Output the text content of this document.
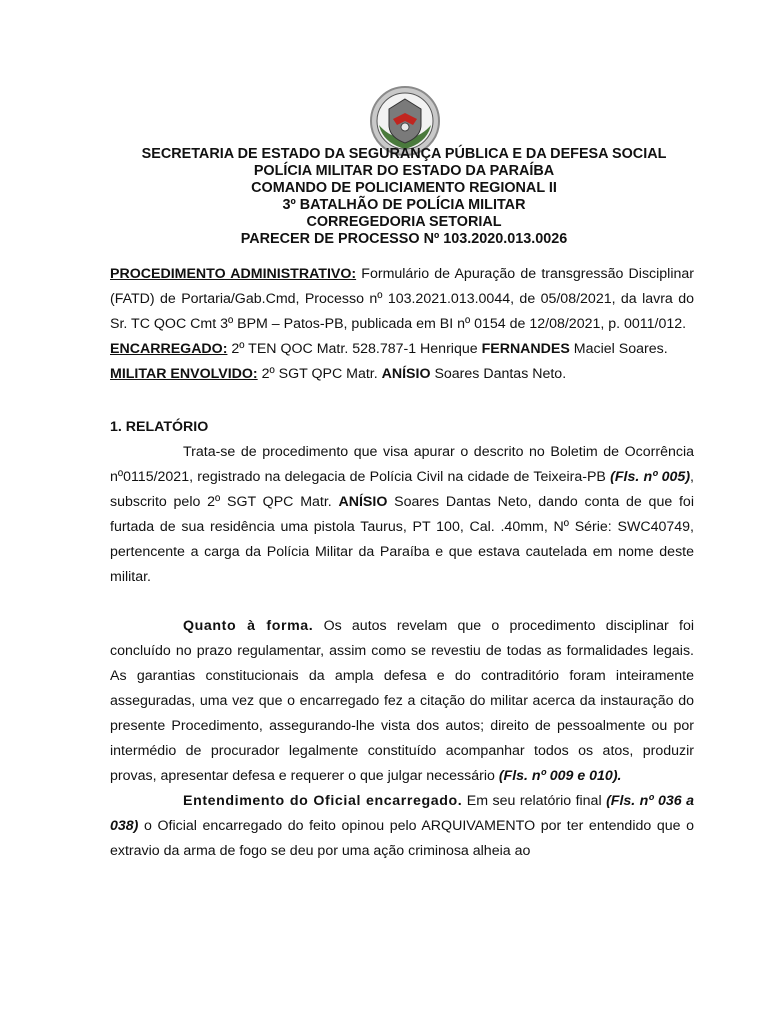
SECRETARIA DE ESTADO DA SEGURANÇA PÚBLICA E DA DEFESA SOCIAL
POLÍCIA MILITAR DO ESTADO DA PARAÍBA
COMANDO DE POLICIAMENTO REGIONAL II
3º BATALHÃO DE POLÍCIA MILITAR
CORREGEDORIA SETORIAL
PARECER DE PROCESSO Nº 103.2020.013.0026

PROCEDIMENTO ADMINISTRATIVO: Formulário de Apuração de transgressão Disciplinar (FATD) de Portaria/Gab.Cmd, Processo nº 103.2021.013.0044, de 05/08/2021, da lavra do Sr. TC QOC Cmt 3º BPM – Patos-PB, publicada em BI nº 0154 de 12/08/2021, p. 0011/012.

ENCARREGADO: 2º TEN QOC Matr. 528.787-1 Henrique FERNANDES Maciel Soares.

MILITAR ENVOLVIDO: 2º SGT QPC Matr. ANÍSIO Soares Dantas Neto.

1. RELATÓRIO

Trata-se de procedimento que visa apurar o descrito no Boletim de Ocorrência nº0115/2021, registrado na delegacia de Polícia Civil na cidade de Teixeira-PB (Fls. nº 005), subscrito pelo 2º SGT QPC Matr. ANÍSIO Soares Dantas Neto, dando conta de que foi furtada de sua residência uma pistola Taurus, PT 100, Cal. .40mm, Nº Série: SWC40749, pertencente a carga da Polícia Militar da Paraíba e que estava cautelada em nome deste militar.

Quanto à forma. Os autos revelam que o procedimento disciplinar foi concluído no prazo regulamentar, assim como se revestiu de todas as formalidades legais. As garantias constitucionais da ampla defesa e do contraditório foram inteiramente asseguradas, uma vez que o encarregado fez a citação do militar acerca da instauração do presente Procedimento, assegurando-lhe vista dos autos; direito de pessoalmente ou por intermédio de procurador legalmente constituído acompanhar todos os atos, produzir provas, apresentar defesa e requerer o que julgar necessário (Fls. nº 009 e 010).

Entendimento do Oficial encarregado. Em seu relatório final (Fls. nº 036 a 038) o Oficial encarregado do feito opinou pelo ARQUIVAMENTO por ter entendido que o extravio da arma de fogo se deu por uma ação criminosa alheia ao
